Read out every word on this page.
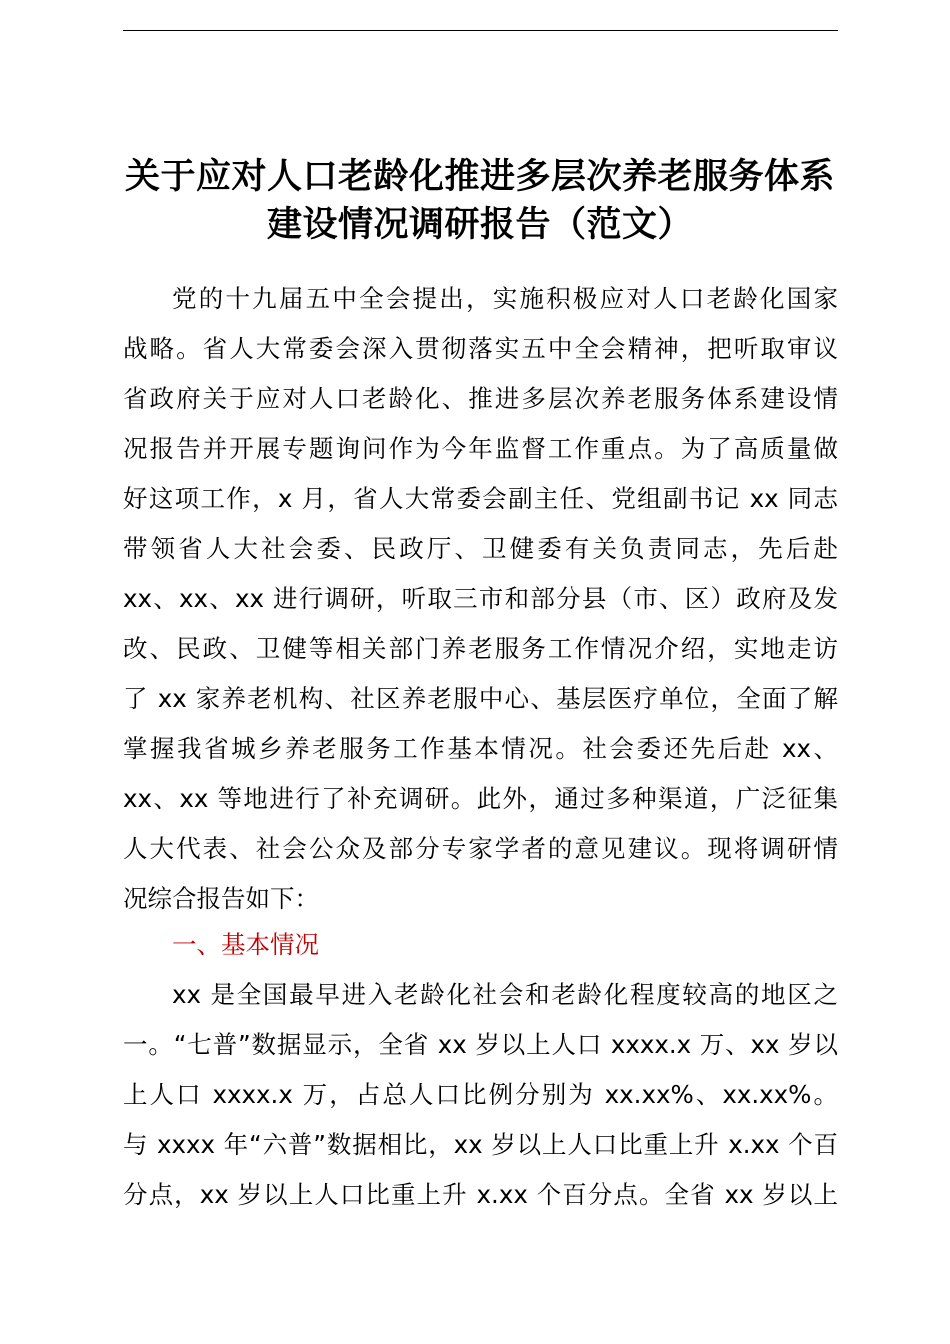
关于应对人口老龄化推进多层次养老服务体系
建设情况调研报告（范文）
党的十九届五中全会提出，实施积极应对人口老龄化国家
战略。省人大常委会深入贯彻落实五中全会精神，把听取审议
省政府关于应对人口老龄化、推进多层次养老服务体系建设情
况报告并开展专题询问作为今年监督工作重点。为了高质量做
好这项工作，x 月，省人大常委会副主任、党组副书记 xx 同志
带领省人大社会委、民政厅、卫健委有关负责同志，先后赴
xx、xx、xx 进行调研，听取三市和部分县（市、区）政府及发
改、民政、卫健等相关部门养老服务工作情况介绍，实地走访
了 xx 家养老机构、社区养老服中心、基层医疗单位，全面了解
掌握我省城乡养老服务工作基本情况。社会委还先后赴 xx、
xx、xx 等地进行了补充调研。此外，通过多种渠道，广泛征集
人大代表、社会公众及部分专家学者的意见建议。现将调研情
况综合报告如下：
一、基本情况
xx 是全国最早进入老龄化社会和老龄化程度较高的地区之
一。“七普”数据显示，全省 xx 岁以上人口 xxxx.x 万、xx 岁以
上人口 xxxx.x 万，占总人口比例分别为 xx.xx%、xx.xx%。
与 xxxx 年“六普”数据相比，xx 岁以上人口比重上升 x.xx 个百
分点，xx 岁以上人口比重上升 x.xx 个百分点。全省 xx 岁以上
